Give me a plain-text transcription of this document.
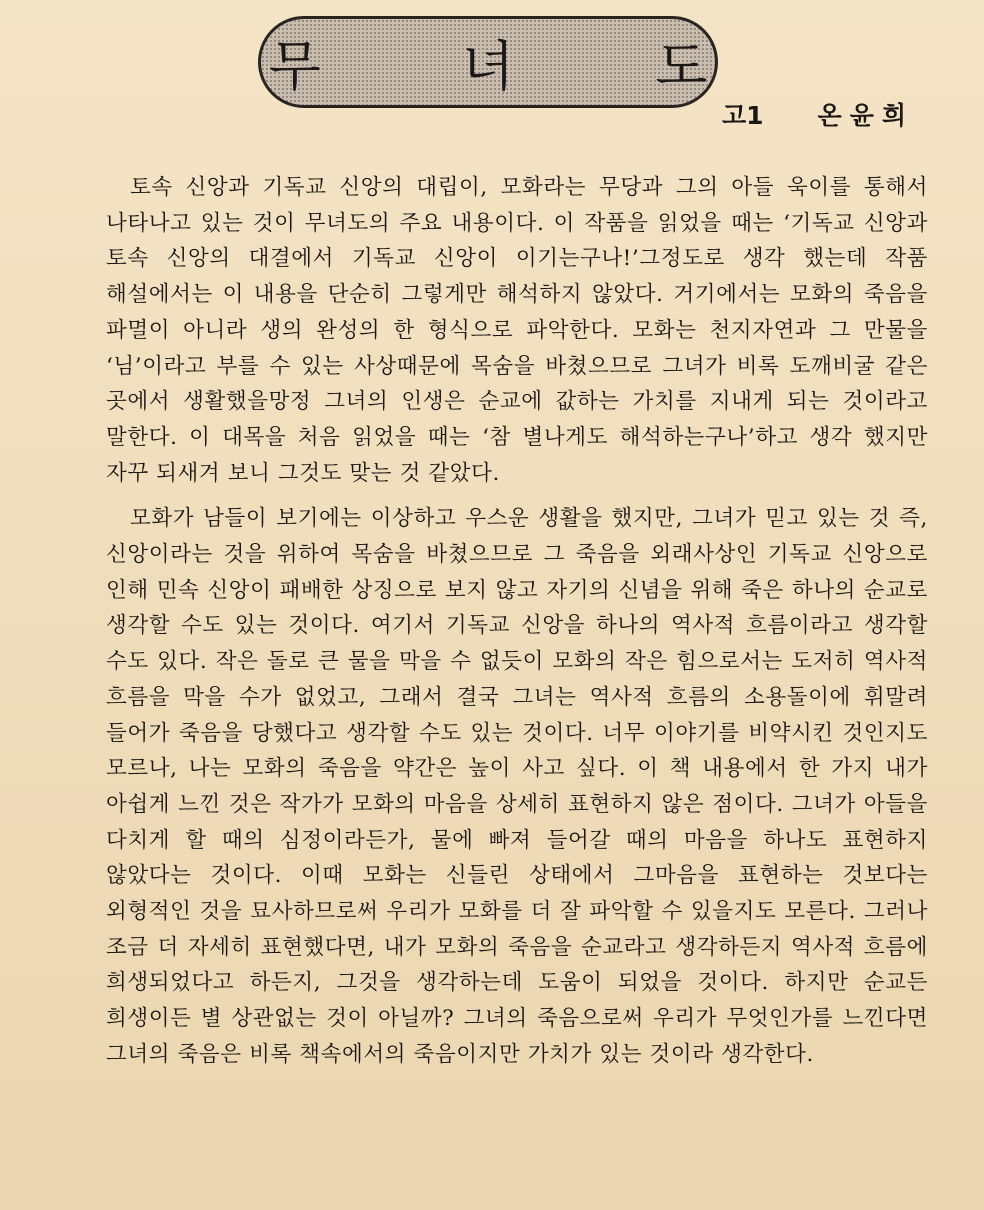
무 녀 도
고1 온윤희

토속 신앙과 기독교 신앙의 대립이, 모화라는 무당과 그의 아들 욱이를 통해서 나타나고 있는 것이 무녀도의 주요 내용이다. 이 작품을 읽었을 때는 ‘기독교 신앙과 토속 신앙의 대결에서 기독교 신앙이 이기는구나!’그정도로 생각 했는데 작품 해설에서는 이 내용을 단순히 그렇게만 해석하지 않았다. 거기에서는 모화의 죽음을 파멸이 아니라 생의 완성의 한 형식으로 파악한다. 모화는 천지자연과 그 만물을 ‘님’이라고 부를 수 있는 사상때문에 목숨을 바쳤으므로 그녀가 비록 도깨비굴 같은 곳에서 생활했을망정 그녀의 인생은 순교에 값하는 가치를 지내게 되는 것이라고 말한다. 이 대목을 처음 읽었을 때는 ‘참 별나게도 해석하는구나’하고 생각 했지만 자꾸 되새겨 보니 그것도 맞는 것 같았다.

모화가 남들이 보기에는 이상하고 우스운 생활을 했지만, 그녀가 믿고 있는 것 즉, 신앙이라는 것을 위하여 목숨을 바쳤으므로 그 죽음을 외래사상인 기독교 신앙으로 인해 민속 신앙이 패배한 상징으로 보지 않고 자기의 신념을 위해 죽은 하나의 순교로 생각할 수도 있는 것이다. 여기서 기독교 신앙을 하나의 역사적 흐름이라고 생각할 수도 있다. 작은 돌로 큰 물을 막을 수 없듯이 모화의 작은 힘으로서는 도저히 역사적 흐름을 막을 수가 없었고, 그래서 결국 그녀는 역사적 흐름의 소용돌이에 휘말려 들어가 죽음을 당했다고 생각할 수도 있는 것이다. 너무 이야기를 비약시킨 것인지도 모르나, 나는 모화의 죽음을 약간은 높이 사고 싶다. 이 책 내용에서 한 가지 내가 아쉽게 느낀 것은 작가가 모화의 마음을 상세히 표현하지 않은 점이다. 그녀가 아들을 다치게 할 때의 심정이라든가, 물에 빠져 들어갈 때의 마음을 하나도 표현하지 않았다는 것이다. 이때 모화는 신들린 상태에서 그마음을 표현하는 것보다는 외형적인 것을 묘사하므로써 우리가 모화를 더 잘 파악할 수 있을지도 모른다. 그러나 조금 더 자세히 표현했다면, 내가 모화의 죽음을 순교라고 생각하든지 역사적 흐름에 희생되었다고 하든지, 그것을 생각하는데 도움이 되었을 것이다. 하지만 순교든 희생이든 별 상관없는 것이 아닐까? 그녀의 죽음으로써 우리가 무엇인가를 느낀다면 그녀의 죽음은 비록 책속에서의 죽음이지만 가치가 있는 것이라 생각한다.
